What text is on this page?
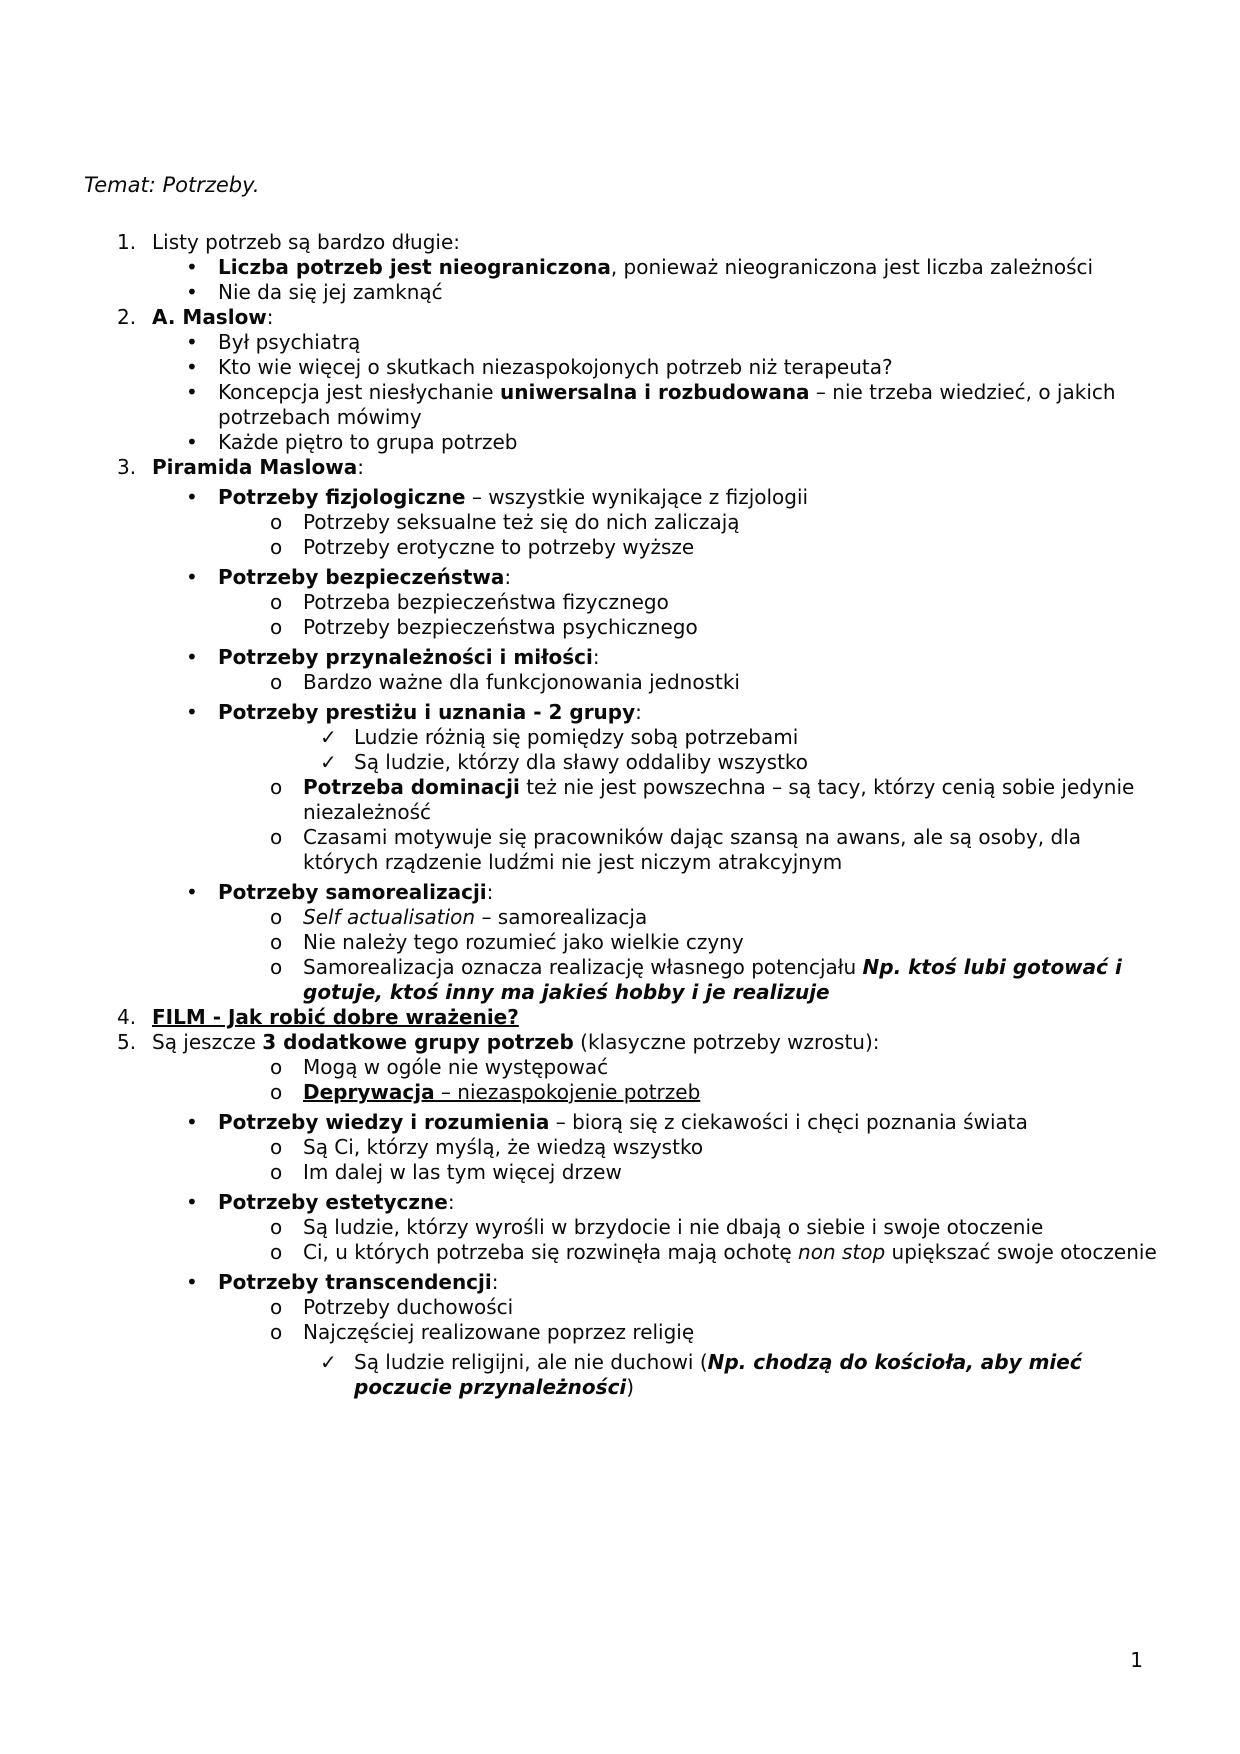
Temat: Potrzeby.

1. Listy potrzeb są bardzo długie:
•	Liczba potrzeb jest nieograniczona, ponieważ nieograniczona jest liczba zależności
•	Nie da się jej zamknąć
2. A. Maslow:
•	Był psychiatrą
•	Kto wie więcej o skutkach niezaspokojonych potrzeb niż terapeuta?
•	Koncepcja jest niesłychanie uniwersalna i rozbudowana – nie trzeba wiedzieć, o jakich potrzebach mówimy
•	Każde piętro to grupa potrzeb
3. Piramida Maslowa:
•	Potrzeby fizjologiczne – wszystkie wynikające z fizjologii
o	Potrzeby seksualne też się do nich zaliczają
o	Potrzeby erotyczne to potrzeby wyższe
•	Potrzeby bezpieczeństwa:
o	Potrzeba bezpieczeństwa fizycznego
o	Potrzeby bezpieczeństwa psychicznego
•	Potrzeby przynależności i miłości:
o	Bardzo ważne dla funkcjonowania jednostki
•	Potrzeby prestiżu i uznania - 2 grupy:
✓ Ludzie różnią się pomiędzy sobą potrzebami
✓ Są ludzie, którzy dla sławy oddaliby wszystko
o	Potrzeba dominacji też nie jest powszechna – są tacy, którzy cenią sobie jedynie niezależność
o	Czasami motywuje się pracowników dając szansą na awans, ale są osoby, dla których rządzenie ludźmi nie jest niczym atrakcyjnym
•	Potrzeby samorealizacji:
o	Self actualisation – samorealizacja
o	Nie należy tego rozumieć jako wielkie czyny
o	Samorealizacja oznacza realizację własnego potencjału Np. ktoś lubi gotować i gotuje, ktoś inny ma jakieś hobby i je realizuje
4. FILM - Jak robić dobre wrażenie?
5. Są jeszcze 3 dodatkowe grupy potrzeb (klasyczne potrzeby wzrostu):
o	Mogą w ogóle nie występować
o	Deprywacja – niezaspokojenie potrzeb
•	Potrzeby wiedzy i rozumienia – biorą się z ciekawości i chęci poznania świata
o	Są Ci, którzy myślą, że wiedzą wszystko
o	Im dalej w las tym więcej drzew
•	Potrzeby estetyczne:
o	Są ludzie, którzy wyrośli w brzydocie i nie dbają o siebie i swoje otoczenie
o	Ci, u których potrzeba się rozwinęła mają ochotę non stop upiększać swoje otoczenie
•	Potrzeby transcendencji:
o	Potrzeby duchowości
o	Najczęściej realizowane poprzez religię
✓ Są ludzie religijni, ale nie duchowi (Np. chodzą do kościoła, aby mieć poczucie przynależności)
1
